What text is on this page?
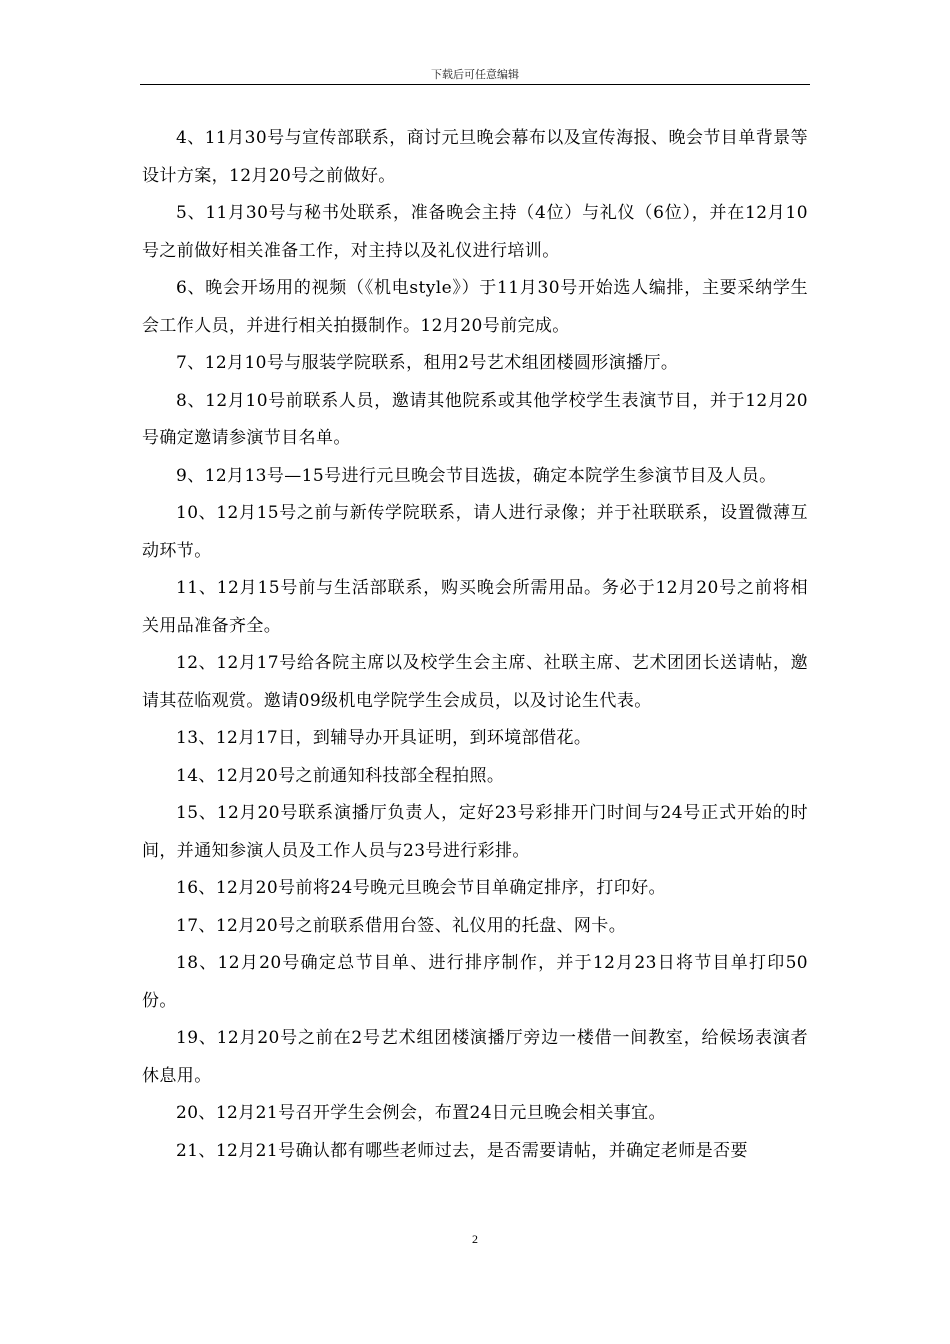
下载后可任意编辑

4、11月30号与宣传部联系，商讨元旦晚会幕布以及宣传海报、晚会节目单背景等设计方案，12月20号之前做好。

5、11月30号与秘书处联系，准备晚会主持（4位）与礼仪（6位），并在12月10号之前做好相关准备工作，对主持以及礼仪进行培训。

6、晚会开场用的视频（《机电style》）于11月30号开始选人编排，主要采纳学生会工作人员，并进行相关拍摄制作。12月20号前完成。

7、12月10号与服装学院联系，租用2号艺术组团楼圆形演播厅。

8、12月10号前联系人员，邀请其他院系或其他学校学生表演节目，并于12月20号确定邀请参演节目名单。

9、12月13号—15号进行元旦晚会节目选拔，确定本院学生参演节目及人员。

10、12月15号之前与新传学院联系，请人进行录像；并于社联联系，设置微薄互动环节。

11、12月15号前与生活部联系，购买晚会所需用品。务必于12月20号之前将相关用品准备齐全。

12、12月17号给各院主席以及校学生会主席、社联主席、艺术团团长送请帖，邀请其莅临观赏。邀请09级机电学院学生会成员，以及讨论生代表。

13、12月17日，到辅导办开具证明，到环境部借花。

14、12月20号之前通知科技部全程拍照。

15、12月20号联系演播厅负责人，定好23号彩排开门时间与24号正式开始的时间，并通知参演人员及工作人员与23号进行彩排。

16、12月20号前将24号晚元旦晚会节目单确定排序，打印好。

17、12月20号之前联系借用台签、礼仪用的托盘、网卡。

18、12月20号确定总节目单、进行排序制作，并于12月23日将节目单打印50份。

19、12月20号之前在2号艺术组团楼演播厅旁边一楼借一间教室，给候场表演者休息用。

20、12月21号召开学生会例会，布置24日元旦晚会相关事宜。

21、12月21号确认都有哪些老师过去，是否需要请帖，并确定老师是否要

2
